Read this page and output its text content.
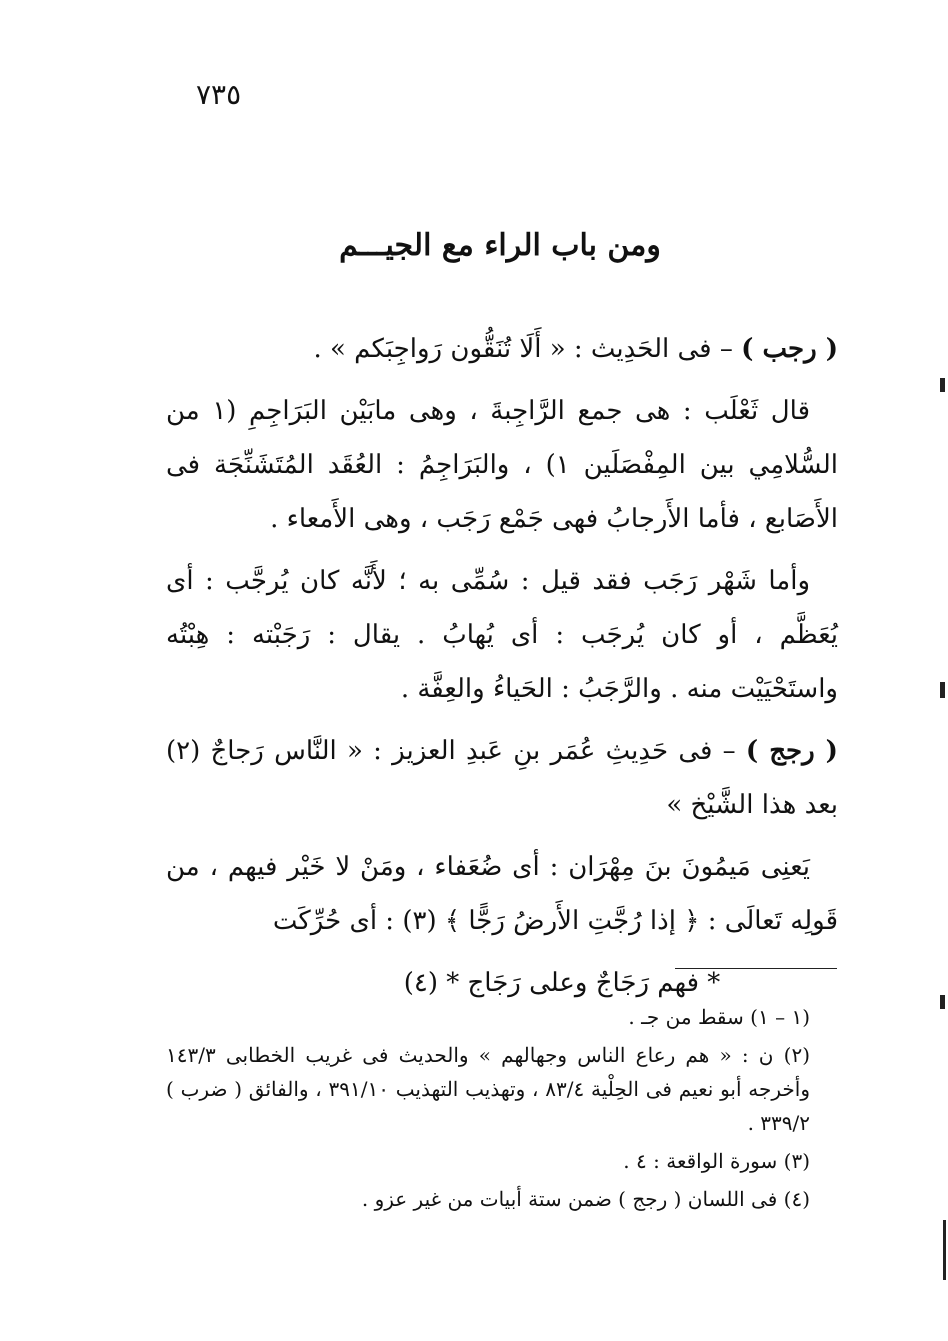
٧٣٥
ومن باب الراء مع الجيـــم

( رجب ) – فى الحَدِيث : « أَلَا تُنَقُّون رَواجِبَكم » .

قال ثَعْلَب : هى جمع الرَّاجِبةَ ، وهى مابَيْن البَرَاجِمِ (١ من السُّلامِي بين المِفْصَلَين ١) ، والبَرَاجِمُ : العُقَد المُتَشَنِّجَة فى الأَصَابع ، فأما الأَرجابُ فهى جَمْع رَجَب ، وهى الأَمعاء .

وأما شَهْر رَجَب فقد قيل : سُمِّى به ؛ لأَنَّه كان يُرجَّب : أى يُعَظَّم ، أو كان يُرجَب : أى يُهابُ . يقال : رَجَبْته : هِبْتُه واستَحْيَيْت منه . والرَّجَبُ : الحَياءُ والعِفَّة .

( رجج ) – فى حَدِيثِ عُمَر بنِ عَبدِ العزيز : « النَّاس رَجاجٌ (٢) بعد هذا الشَّيْخ »

يَعنِى مَيمُونَ بنَ مِهْرَان : أى ضُعَفاء ، ومَنْ لا خَيْر فيهم ، من قَولِه تَعالَى : ﴿ إذا رُجَّتِ الأَرضُ رَجًّا ﴾ (٣) : أى حُرِّكَت

* فهم رَجَاجٌ وعلى رَجَاج * (٤)

(١ – ١) سقط من جـ .

(٢) ن : « هم رعاع الناس وجهالهم » والحديث فى غريب الخطابى ١٤٣/٣ وأخرجه أبو نعيم فى الحِلْية ٨٣/٤ ، وتهذيب التهذيب ٣٩١/١٠ ، والفائق ( ضرب ) ٣٣٩/٢ .

(٣) سورة الواقعة : ٤ .

(٤) فى اللسان ( رجج ) ضمن ستة أبيات من غير عزو .
